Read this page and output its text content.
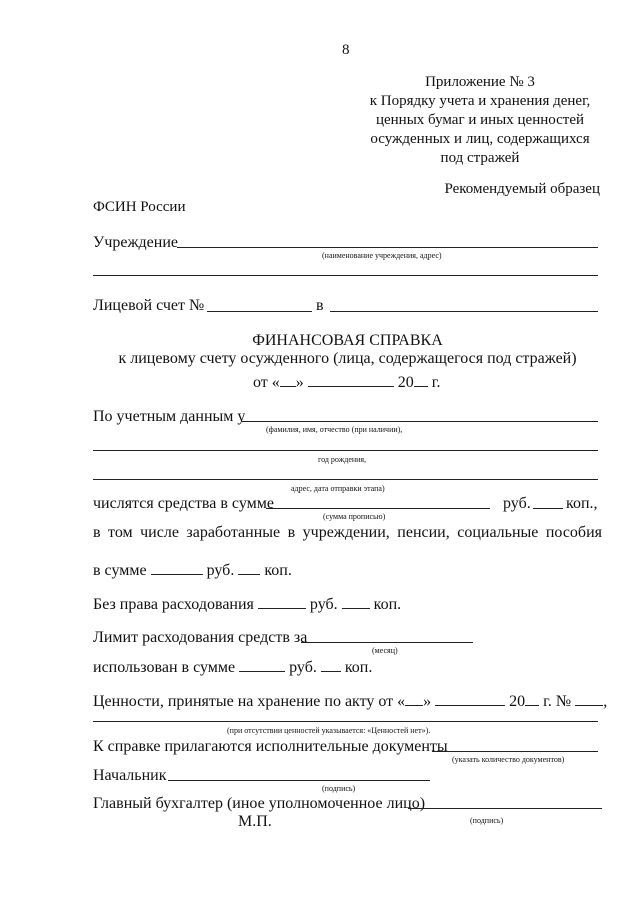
8
Приложение № 3
к Порядку учета и хранения денег,
ценных бумаг и иных ценностей
осужденных и лиц, содержащихся
под стражей
Рекомендуемый образец
ФСИН России
Учреждение
(наименование учреждения, адрес)
Лицевой счет №	в
ФИНАНСОВАЯ СПРАВКА
к лицевому счету осужденного (лица, содержащегося под стражей)
от « »	20 г.
По учетным данным у
(фамилия, имя, отчество (при наличии),
год рождения,
адрес, дата отправки этапа)
числятся средства в сумме	руб. коп.,
(сумма прописью)
в том числе заработанные в учреждении, пенсии, социальные пособия
в сумме	руб. коп.
Без права расходования	руб. коп.
Лимит расходования средств за
(месяц)
использован в сумме	руб. коп.
Ценности, принятые на хранение по акту от « »	20 г. № ,
(при отсутствии ценностей указывается: «Ценностей нет»).
К справке прилагаются исполнительные документы
(указать количество документов)
Начальник
(подпись)
Главный бухгалтер (иное уполномоченное лицо)
(подпись)
М.П.
